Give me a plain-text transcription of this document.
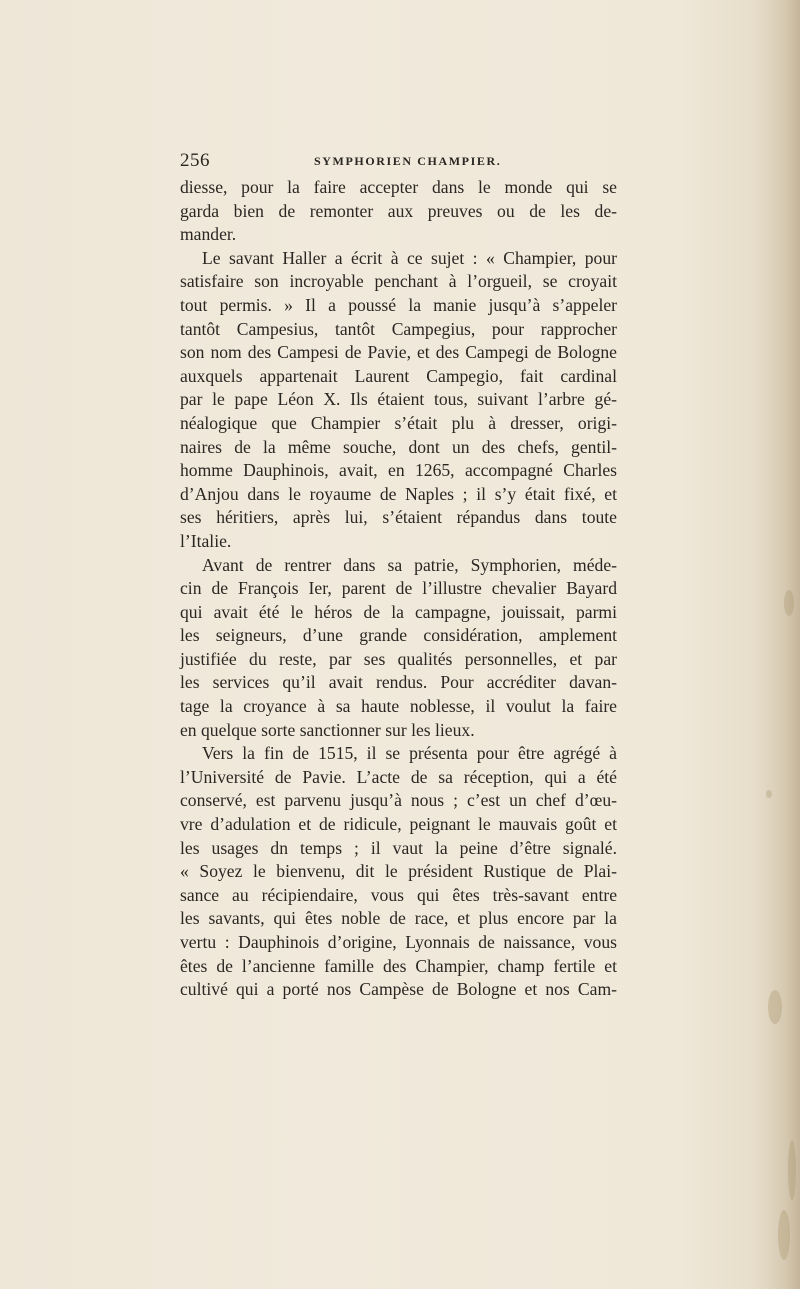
256	SYMPHORIEN CHAMPIER.
diesse, pour la faire accepter dans le monde qui se
garda bien de remonter aux preuves ou de les de-
mander.
Le savant Haller a écrit à ce sujet : « Champier, pour
satisfaire son incroyable penchant à l’orgueil, se croyait
tout permis. » Il a poussé la manie jusqu’à s’appeler
tantôt Campesius, tantôt Campegius, pour rapprocher
son nom des Campesi de Pavie, et des Campegi de Bologne
auxquels appartenait Laurent Campegio, fait cardinal
par le pape Léon X. Ils étaient tous, suivant l’arbre gé-
néalogique que Champier s’était plu à dresser, origi-
naires de la même souche, dont un des chefs, gentil-
homme Dauphinois, avait, en 1265, accompagné Charles
d’Anjou dans le royaume de Naples ; il s’y était fixé, et
ses héritiers, après lui, s’étaient répandus dans toute
l’Italie.
Avant de rentrer dans sa patrie, Symphorien, méde-
cin de François Ier, parent de l’illustre chevalier Bayard
qui avait été le héros de la campagne, jouissait, parmi
les seigneurs, d’une grande considération, amplement
justifiée du reste, par ses qualités personnelles, et par
les services qu’il avait rendus. Pour accréditer davan-
tage la croyance à sa haute noblesse, il voulut la faire
en quelque sorte sanctionner sur les lieux.
Vers la fin de 1515, il se présenta pour être agrégé à
l’Université de Pavie. L’acte de sa réception, qui a été
conservé, est parvenu jusqu’à nous ; c’est un chef d’œu-
vre d’adulation et de ridicule, peignant le mauvais goût et
les usages dn temps ; il vaut la peine d’être signalé.
« Soyez le bienvenu, dit le président Rustique de Plai-
sance au récipiendaire, vous qui êtes très-savant entre
les savants, qui êtes noble de race, et plus encore par la
vertu : Dauphinois d’origine, Lyonnais de naissance, vous
êtes de l’ancienne famille des Champier, champ fertile et
cultivé qui a porté nos Campèse de Bologne et nos Cam-
